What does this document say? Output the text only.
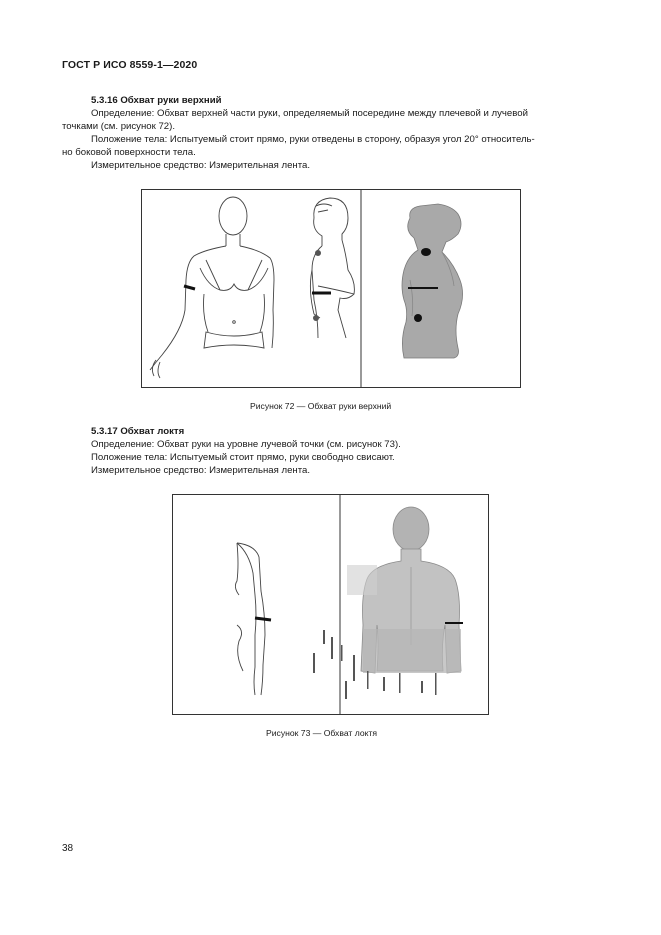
ГОСТ Р ИСО 8559-1—2020
5.3.16 Обхват руки верхний
Определение: Обхват верхней части руки, определяемый посередине между плечевой и лучевой
точками (см. рисунок 72).
Положение тела: Испытуемый стоит прямо, руки отведены в сторону, образуя угол 20° относитель-
но боковой поверхности тела.
Измерительное средство: Измерительная лента.
Рисунок 72 — Обхват руки верхний
5.3.17 Обхват локтя
Определение: Обхват руки на уровне лучевой точки (см. рисунок 73).
Положение тела: Испытуемый стоит прямо, руки свободно свисают.
Измерительное средство: Измерительная лента.
Рисунок 73 — Обхват локтя
38
